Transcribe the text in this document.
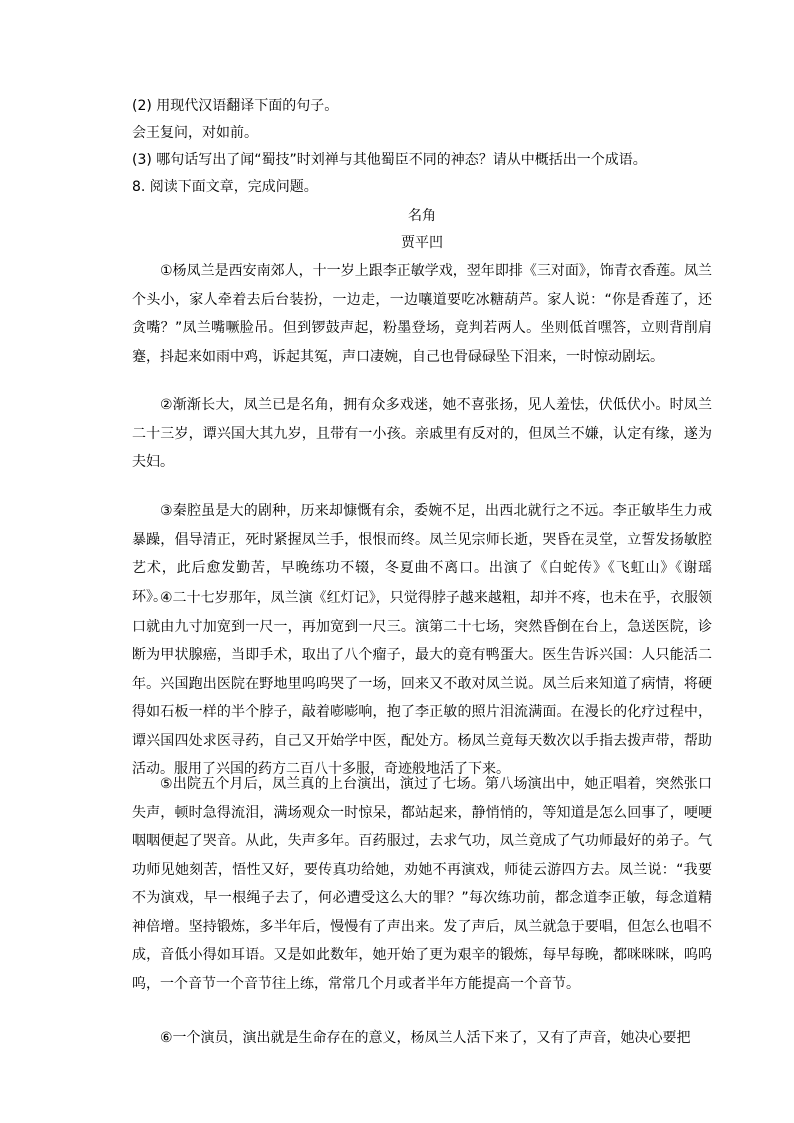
(2) 用现代汉语翻译下面的句子。
会王复问，对如前。
(3) 哪句话写出了闻“蜀技”时刘禅与其他蜀臣不同的神态？请从中概括出一个成语。
8. 阅读下面文章，完成问题。
名角
贾平凹
①杨凤兰是西安南郊人，十一岁上跟李正敏学戏，翌年即排《三对面》，饰青衣香莲。凤兰个头小，家人牵着去后台装扮，一边走，一边嚷道要吃冰糖葫芦。家人说：“你是香莲了，还贪嘴？”凤兰嘴噘脸吊。但到锣鼓声起，粉墨登场，竟判若两人。坐则低首嘿答，立则背削肩蹇，抖起来如雨中鸡，诉起其冤，声口凄婉，自己也骨碌碌坠下泪来，一时惊动剧坛。
②渐渐长大，凤兰已是名角，拥有众多戏迷，她不喜张扬，见人羞怯，伏低伏小。时凤兰二十三岁，谭兴国大其九岁，且带有一小孩。亲戚里有反对的，但凤兰不嫌，认定有缘，遂为夫妇。
③秦腔虽是大的剧种，历来却慷慨有余，委婉不足，出西北就行之不远。李正敏毕生力戒暴躁，倡导清正，死时紧握凤兰手，恨恨而终。凤兰见宗师长逝，哭昏在灵堂，立誓发扬敏腔艺术，此后愈发勤苦，早晚练功不辍，冬夏曲不离口。出演了《白蛇传》《飞虹山》《谢瑶环》。
④二十七岁那年，凤兰演《红灯记》，只觉得脖子越来越粗，却并不疼，也未在乎，衣服领口就由九寸加宽到一尺一，再加宽到一尺三。演第二十七场，突然昏倒在台上，急送医院，诊断为甲状腺癌，当即手术，取出了八个瘤子，最大的竟有鸭蛋大。医生告诉兴国：人只能活二年。兴国跑出医院在野地里呜呜哭了一场，回来又不敢对凤兰说。凤兰后来知道了病情，将硬得如石板一样的半个脖子，敲着嘭嘭响，抱了李正敏的照片泪流满面。在漫长的化疗过程中，谭兴国四处求医寻药，自己又开始学中医，配处方。杨凤兰竟每天数次以手指去拨声带，帮助活动。服用了兴国的药方二百八十多服，奇迹般地活了下来。
⑤出院五个月后，凤兰真的上台演出，演过了七场。第八场演出中，她正唱着，突然张口失声，顿时急得流泪，满场观众一时惊呆，都站起来，静悄悄的，等知道是怎么回事了，哽哽咽咽便起了哭音。从此，失声多年。百药服过，去求气功，凤兰竟成了气功师最好的弟子。气功师见她刻苦，悟性又好，要传真功给她，劝她不再演戏，师徒云游四方去。凤兰说：“我要不为演戏，早一根绳子去了，何必遭受这么大的罪？”每次练功前，都念道李正敏，每念道精神倍增。坚持锻炼，多半年后，慢慢有了声出来。发了声后，凤兰就急于要唱，但怎么也唱不成，音低小得如耳语。又是如此数年，她开始了更为艰辛的锻炼，每早每晚，都咪咪咪，呜呜呜，一个音节一个音节往上练，常常几个月或者半年方能提高一个音节。
⑥一个演员，演出就是生命存在的意义，杨凤兰人活下来了，又有了声音，她决心要把
